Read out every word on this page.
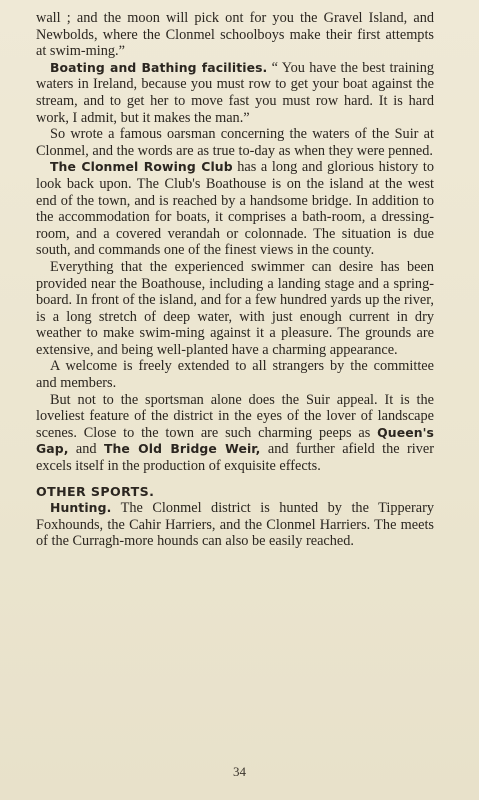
wall ; and the moon will pick ont for you the Gravel Island, and Newbolds, where the Clonmel schoolboys make their first attempts at swim-ming.”

Boating and Bathing facilities. “ You have the best training waters in Ireland, because you must row to get your boat against the stream, and to get her to move fast you must row hard. It is hard work, I admit, but it makes the man.”

So wrote a famous oarsman concerning the waters of the Suir at Clonmel, and the words are as true to-day as when they were penned.

The Clonmel Rowing Club has a long and glorious history to look back upon. The Club's Boathouse is on the island at the west end of the town, and is reached by a handsome bridge. In addition to the accommodation for boats, it comprises a bath-room, a dressing-room, and a covered verandah or colonnade. The situation is due south, and commands one of the finest views in the county.

Everything that the experienced swimmer can desire has been provided near the Boathouse, including a landing stage and a spring-board. In front of the island, and for a few hundred yards up the river, is a long stretch of deep water, with just enough current in dry weather to make swim-ming against it a pleasure. The grounds are extensive, and being well-planted have a charming appearance.

A welcome is freely extended to all strangers by the committee and members.

But not to the sportsman alone does the Suir appeal. It is the loveliest feature of the district in the eyes of the lover of landscape scenes. Close to the town are such charming peeps as Queen's Gap, and The Old Bridge Weir, and further afield the river excels itself in the production of exquisite effects.

OTHER SPORTS.

Hunting. The Clonmel district is hunted by the Tipperary Foxhounds, the Cahir Harriers, and the Clonmel Harriers. The meets of the Curragh-more hounds can also be easily reached.

34
